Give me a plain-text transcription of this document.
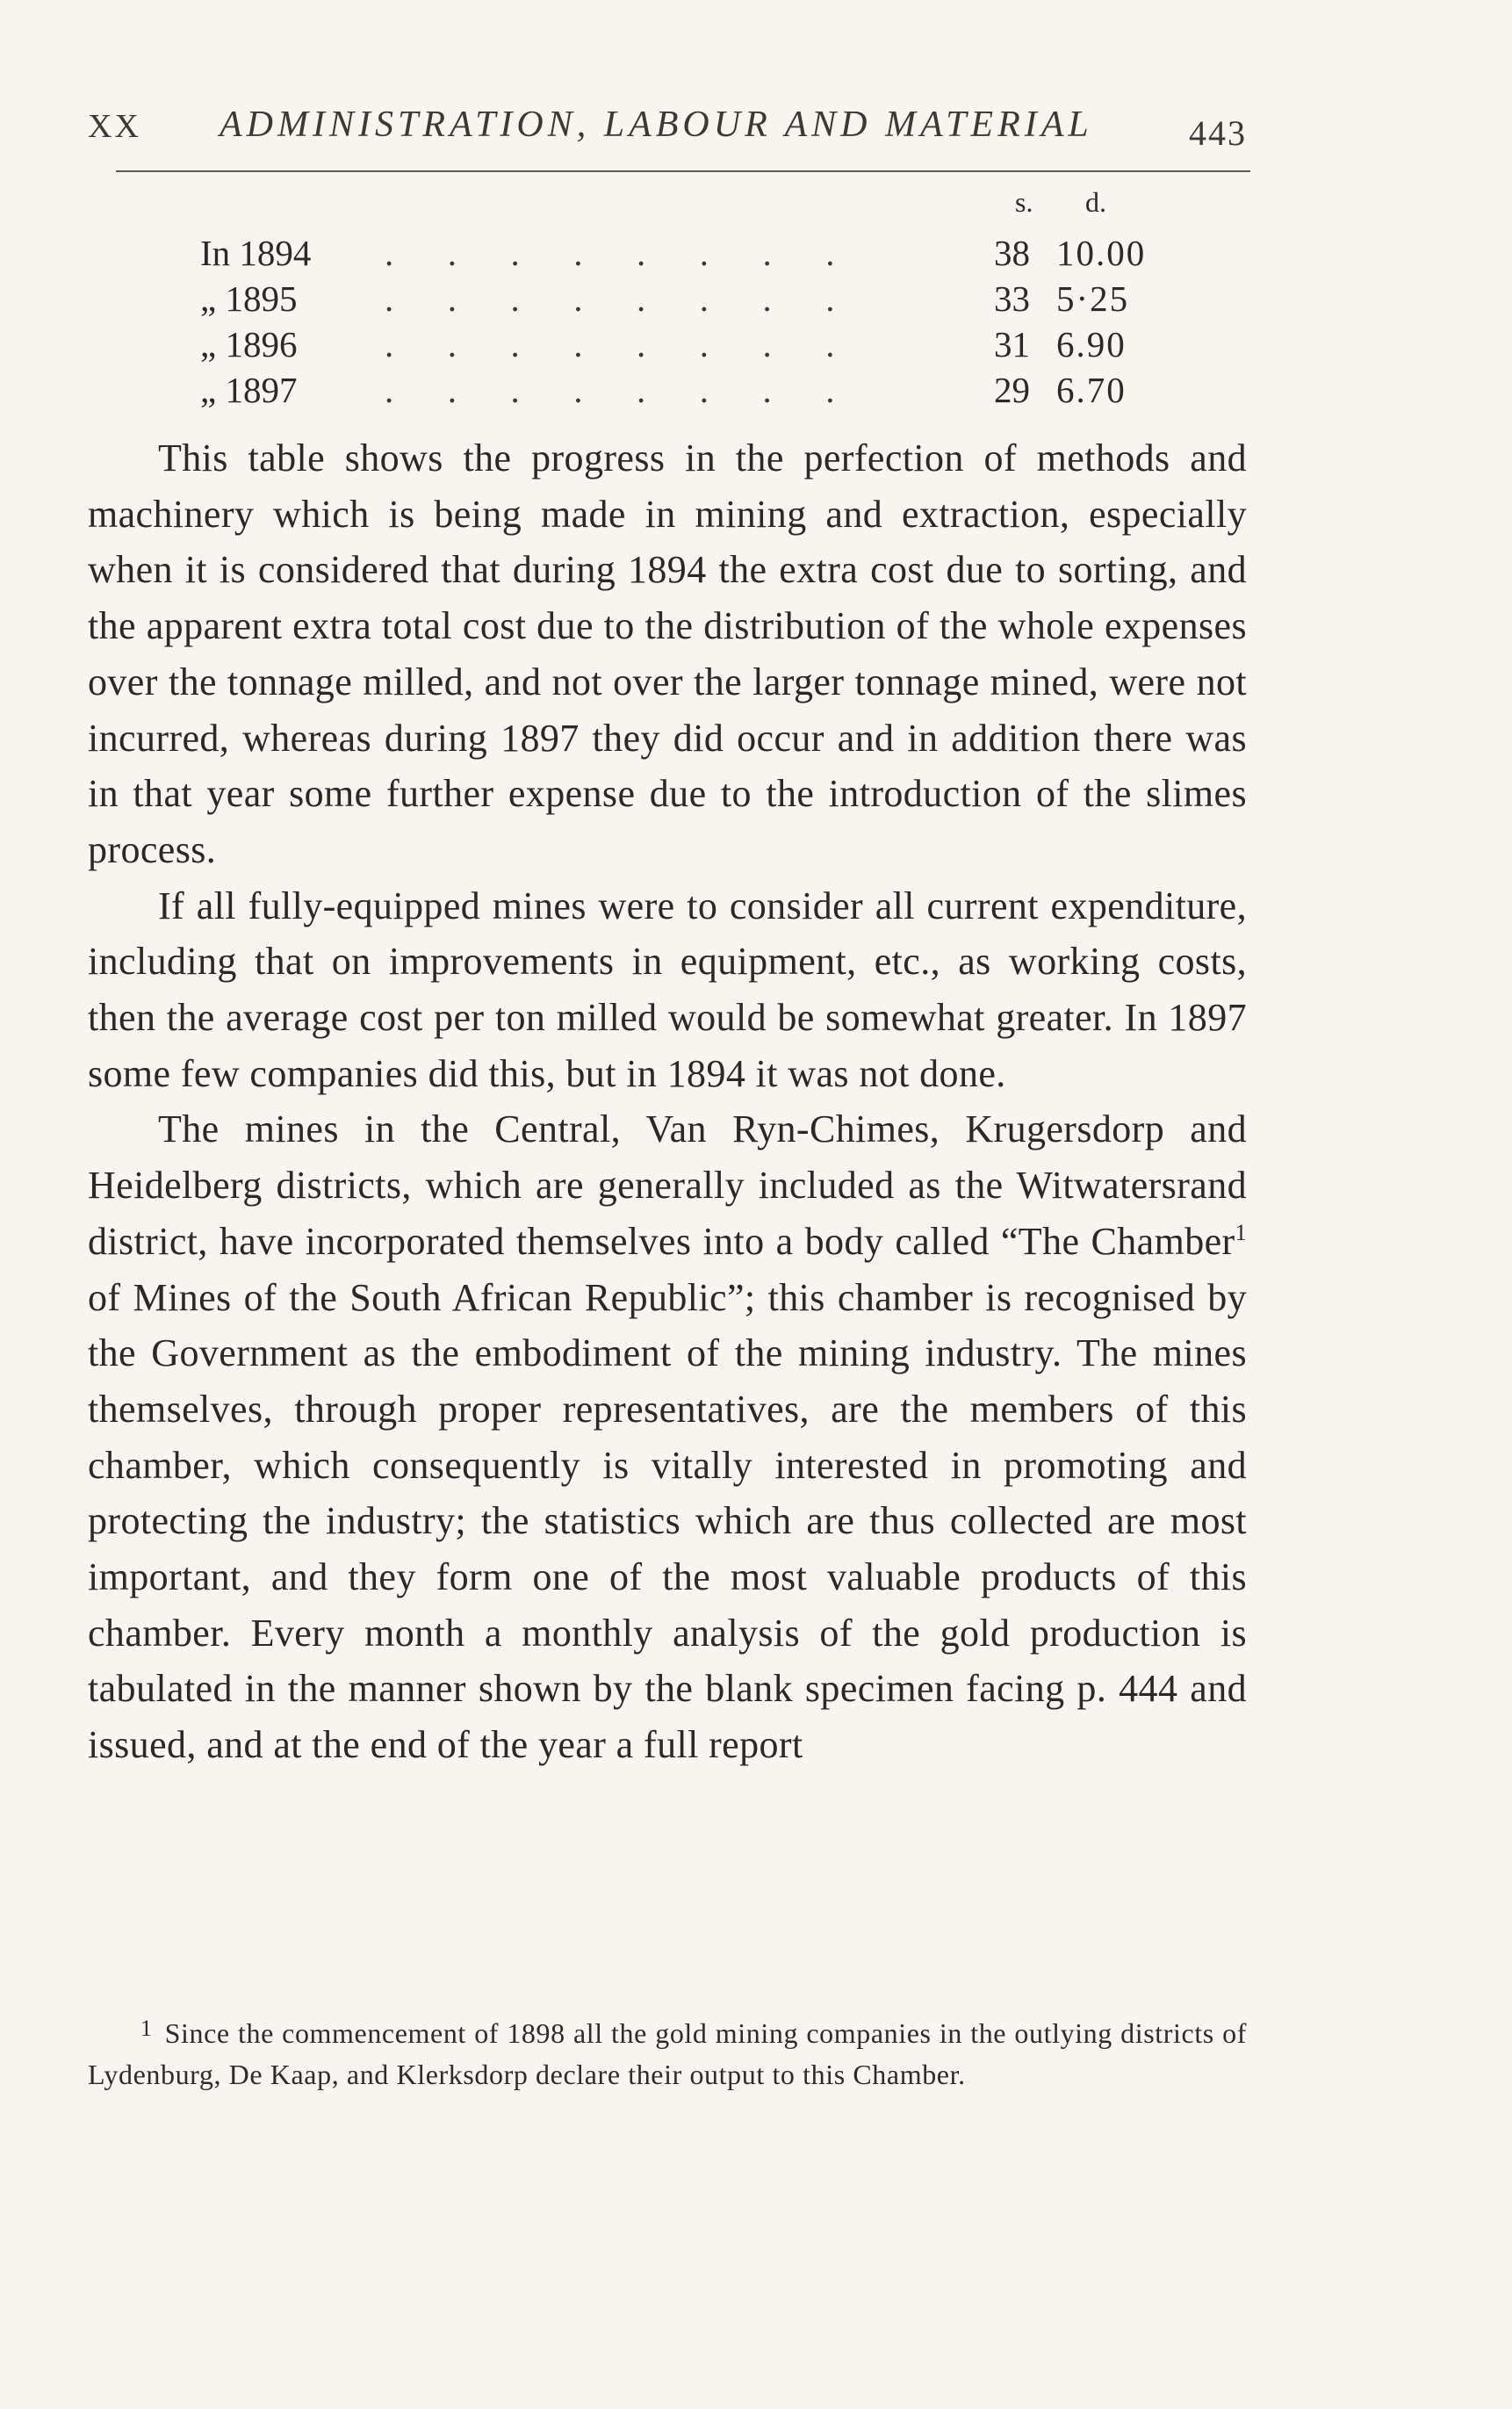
XX ADMINISTRATION, LABOUR AND MATERIAL	443
s. d.
In 1894 .      .      .      .      .      .      .      .	38 10.00
„ 1895 .      .      .      .      .      .      .      .	33 5·25
„ 1896 .      .      .      .      .      .      .      .	31 6.90
„ 1897 .      .      .      .      .      .      .      .	29 6.70

This table shows the progress in the perfection of methods and machinery which is being made in mining and extraction, especially when it is considered that during 1894 the extra cost due to sorting, and the apparent extra total cost due to the distribution of the whole expenses over the tonnage milled, and not over the larger tonnage mined, were not incurred, whereas during 1897 they did occur and in addition there was in that year some further expense due to the introduction of the slimes process.

If all fully-equipped mines were to consider all current expenditure, including that on improvements in equipment, etc., as working costs, then the average cost per ton milled would be somewhat greater. In 1897 some few companies did this, but in 1894 it was not done.

The mines in the Central, Van Ryn-Chimes, Krugersdorp and Heidelberg districts, which are generally included as the Witwatersrand district, have incorporated themselves into a body called “The Chamber$^1$ of Mines of the South African Republic”; this chamber is recognised by the Government as the embodiment of the mining industry. The mines themselves, through proper representatives, are the members of this chamber, which consequently is vitally interested in promoting and protecting the industry; the statistics which are thus collected are most important, and they form one of the most valuable products of this chamber. Every month a monthly analysis of the gold production is tabulated in the manner shown by the blank specimen facing p. 444 and issued, and at the end of the year a full report

1 Since the commencement of 1898 all the gold mining companies in the outlying districts of Lydenburg, De Kaap, and Klerksdorp declare their output to this Chamber.
